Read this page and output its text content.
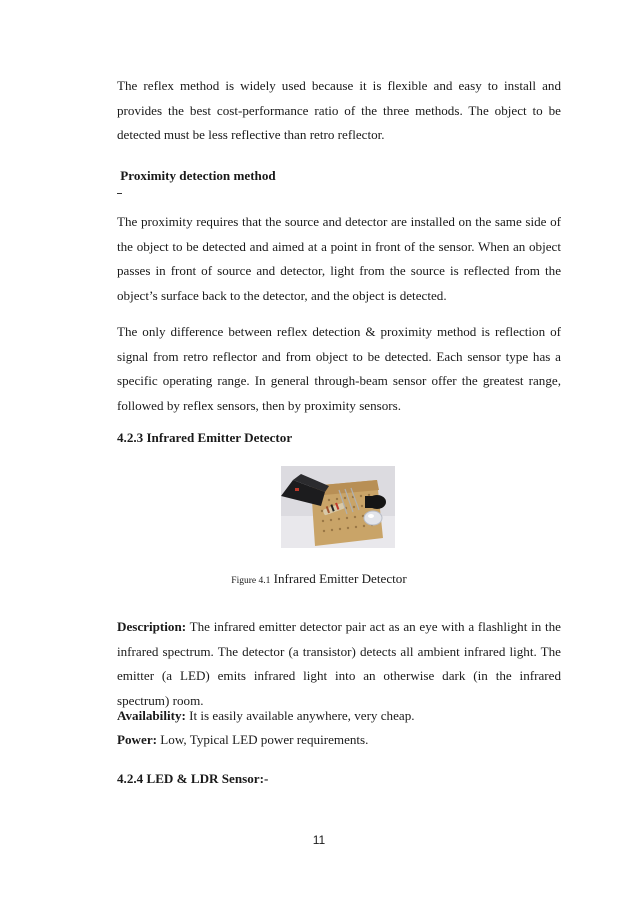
The reflex method is widely used because it is flexible and easy to install and provides the best cost-performance ratio of the three methods. The object to be detected must be less reflective than retro reflector.

Proximity detection method

The proximity requires that the source and detector are installed on the same side of the object to be detected and aimed at a point in front of the sensor. When an object passes in front of source and detector, light from the source is reflected from the object’s surface back to the detector, and the object is detected.

The only difference between reflex detection & proximity method is reflection of signal from retro reflector and from object to be detected. Each sensor type has a specific operating range. In general through-beam sensor offer the greatest range, followed by reflex sensors, then by proximity sensors.

4.2.3 Infrared Emitter Detector

Figure 4.1 Infrared Emitter Detector

Description: The infrared emitter detector pair act as an eye with a flashlight in the infrared spectrum. The detector (a transistor) detects all ambient infrared light. The emitter (a LED) emits infrared light into an otherwise dark (in the infrared spectrum) room.

Availability: It is easily available anywhere, very cheap.

Power: Low, Typical LED power requirements.

4.2.4 LED & LDR Sensor:-

11
